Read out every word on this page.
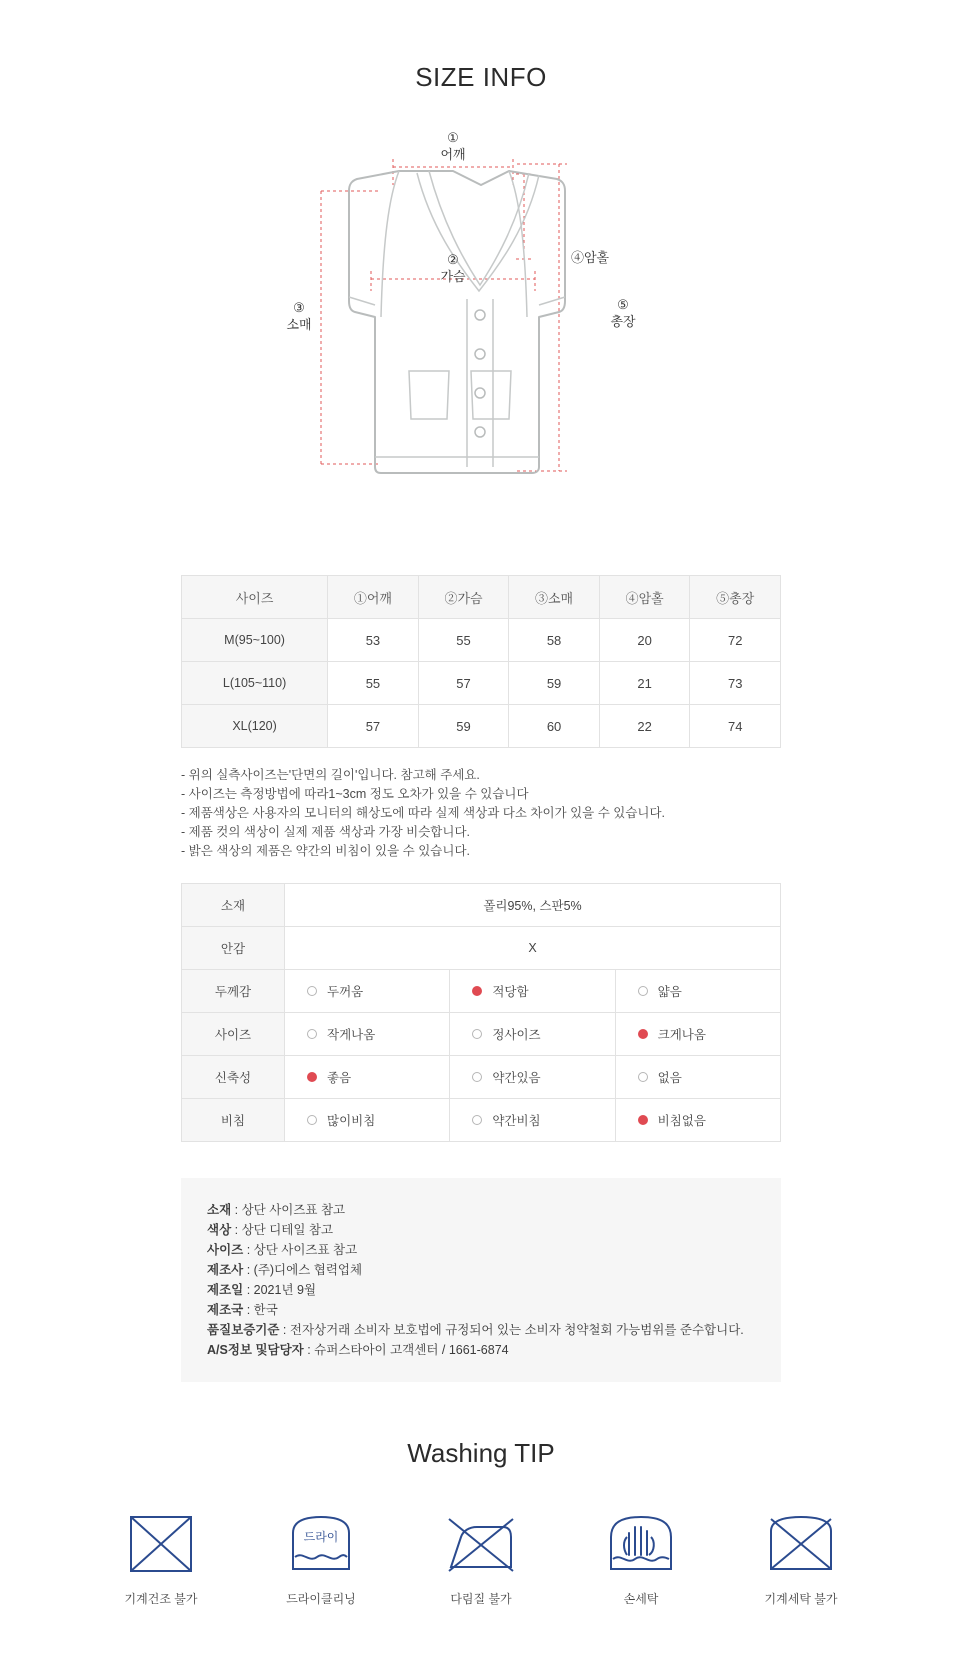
SIZE INFO
①
어깨
②
가슴
③
소매
④암홀
⑤
총장
사이즈	①어깨	②가슴	③소매	④암홀	⑤총장
M(95~100)	53	55	58	20	72
L(105~110)	55	57	59	21	73
XL(120)	57	59	60	22	74
- 위의 실측사이즈는'단면의 길이'입니다. 참고해 주세요.
- 사이즈는 측정방법에 따라1~3cm 정도 오차가 있을 수 있습니다
- 제품색상은 사용자의 모니터의 해상도에 따라 실제 색상과 다소 차이가 있을 수 있습니다.
- 제품 컷의 색상이 실제 제품 색상과 가장 비슷합니다.
- 밝은 색상의 제품은 약간의 비침이 있을 수 있습니다.
소재	폴리95%, 스판5%		
안감	X		
두께감	두꺼움	적당함	얇음
사이즈	작게나옴	정사이즈	크게나옴
신축성	좋음	약간있음	없음
비침	많이비침	약간비침	비침없음
소재 : 상단 사이즈표 참고
색상 : 상단 디테일 참고
사이즈 : 상단 사이즈표 참고
제조사 : (주)디에스 협력업체
제조일 : 2021년 9월
제조국 : 한국
품질보증기준 : 전자상거래 소비자 보호법에 규정되어 있는 소비자 청약철회 가능범위를 준수합니다.
A/S정보 및담당자 : 슈퍼스타아이 고객센터 / 1661-6874
Washing TIP
기계건조 불가
드라이
드라이클리닝	다림질 불가	손세탁	기계세탁 불가
